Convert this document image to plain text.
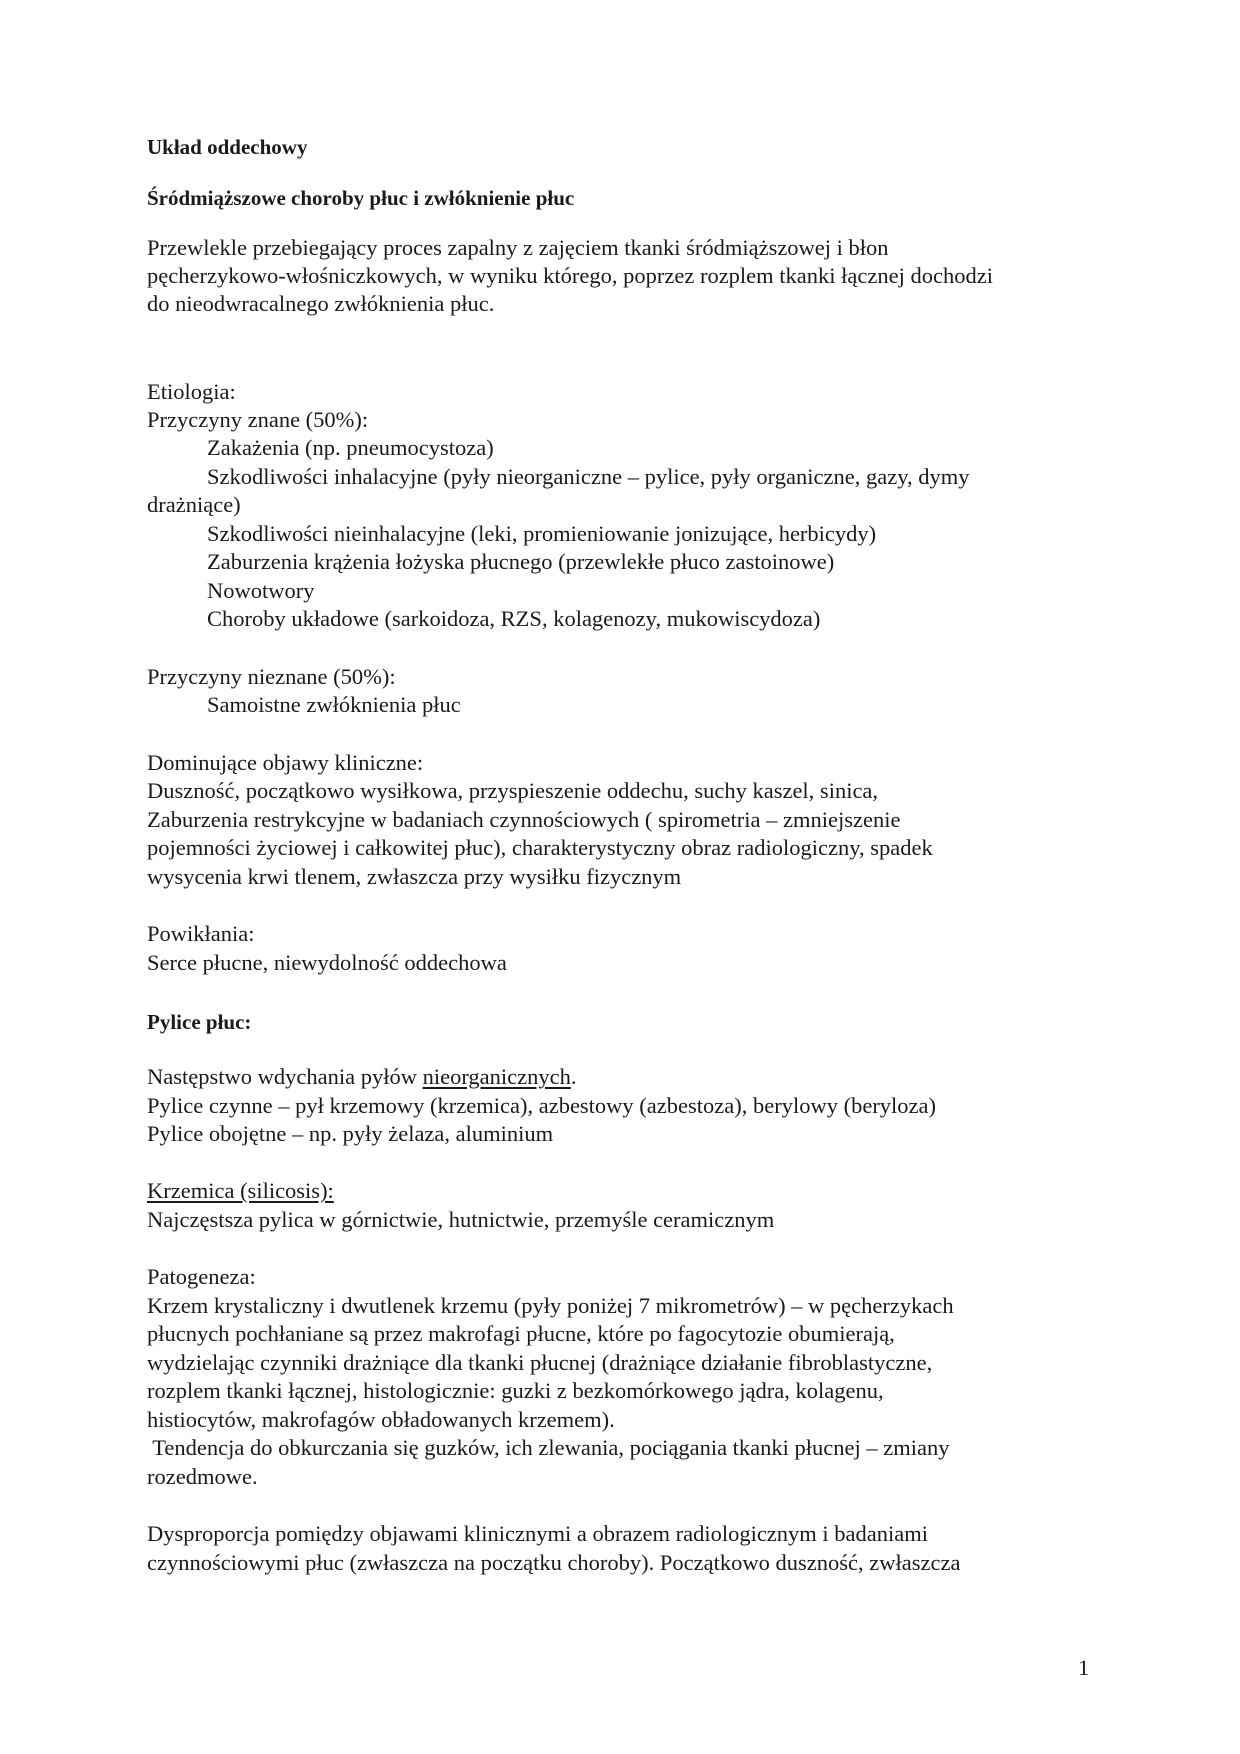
Układ oddechowy

Śródmiąższowe choroby płuc i zwłóknienie płuc

Przewlekle przebiegający proces zapalny z zajęciem tkanki śródmiąższowej i błon

pęcherzykowo-włośniczkowych, w wyniku którego, poprzez rozplem tkanki łącznej dochodzi

do nieodwracalnego zwłóknienia płuc.

Etiologia:

Przyczyny znane (50%):

Zakażenia (np. pneumocystoza)

Szkodliwości inhalacyjne (pyły nieorganiczne – pylice, pyły organiczne, gazy, dymy

drażniące)

Szkodliwości nieinhalacyjne (leki, promieniowanie jonizujące, herbicydy)

Zaburzenia krążenia łożyska płucnego (przewlekłe płuco zastoinowe)

Nowotwory

Choroby układowe (sarkoidoza, RZS, kolagenozy, mukowiscydoza)

Przyczyny nieznane (50%):

Samoistne zwłóknienia płuc

Dominujące objawy kliniczne:

Duszność, początkowo wysiłkowa, przyspieszenie oddechu, suchy kaszel, sinica,

Zaburzenia restrykcyjne w badaniach czynnościowych ( spirometria – zmniejszenie

pojemności życiowej i całkowitej płuc), charakterystyczny obraz radiologiczny, spadek

wysycenia krwi tlenem, zwłaszcza przy wysiłku fizycznym

Powikłania:

Serce płucne, niewydolność oddechowa

Pylice płuc:

Następstwo wdychania pyłów nieorganicznych.

Pylice czynne – pył krzemowy (krzemica), azbestowy (azbestoza), berylowy (beryloza)

Pylice obojętne – np. pyły żelaza, aluminium

Krzemica (silicosis):

Najczęstsza pylica w górnictwie, hutnictwie, przemyśle ceramicznym

Patogeneza:

Krzem krystaliczny i dwutlenek krzemu (pyły poniżej 7 mikrometrów) – w pęcherzykach

płucnych pochłaniane są przez makrofagi płucne, które po fagocytozie obumierają,

wydzielając czynniki drażniące dla tkanki płucnej (drażniące działanie fibroblastyczne,

rozplem tkanki łącznej, histologicznie: guzki z bezkomórkowego jądra, kolagenu,

histiocytów, makrofagów obładowanych krzemem).

Tendencja do obkurczania się guzków, ich zlewania, pociągania tkanki płucnej – zmiany

rozedmowe.

Dysproporcja pomiędzy objawami klinicznymi a obrazem radiologicznym i badaniami

czynnościowymi płuc (zwłaszcza na początku choroby). Początkowo duszność, zwłaszcza

1
